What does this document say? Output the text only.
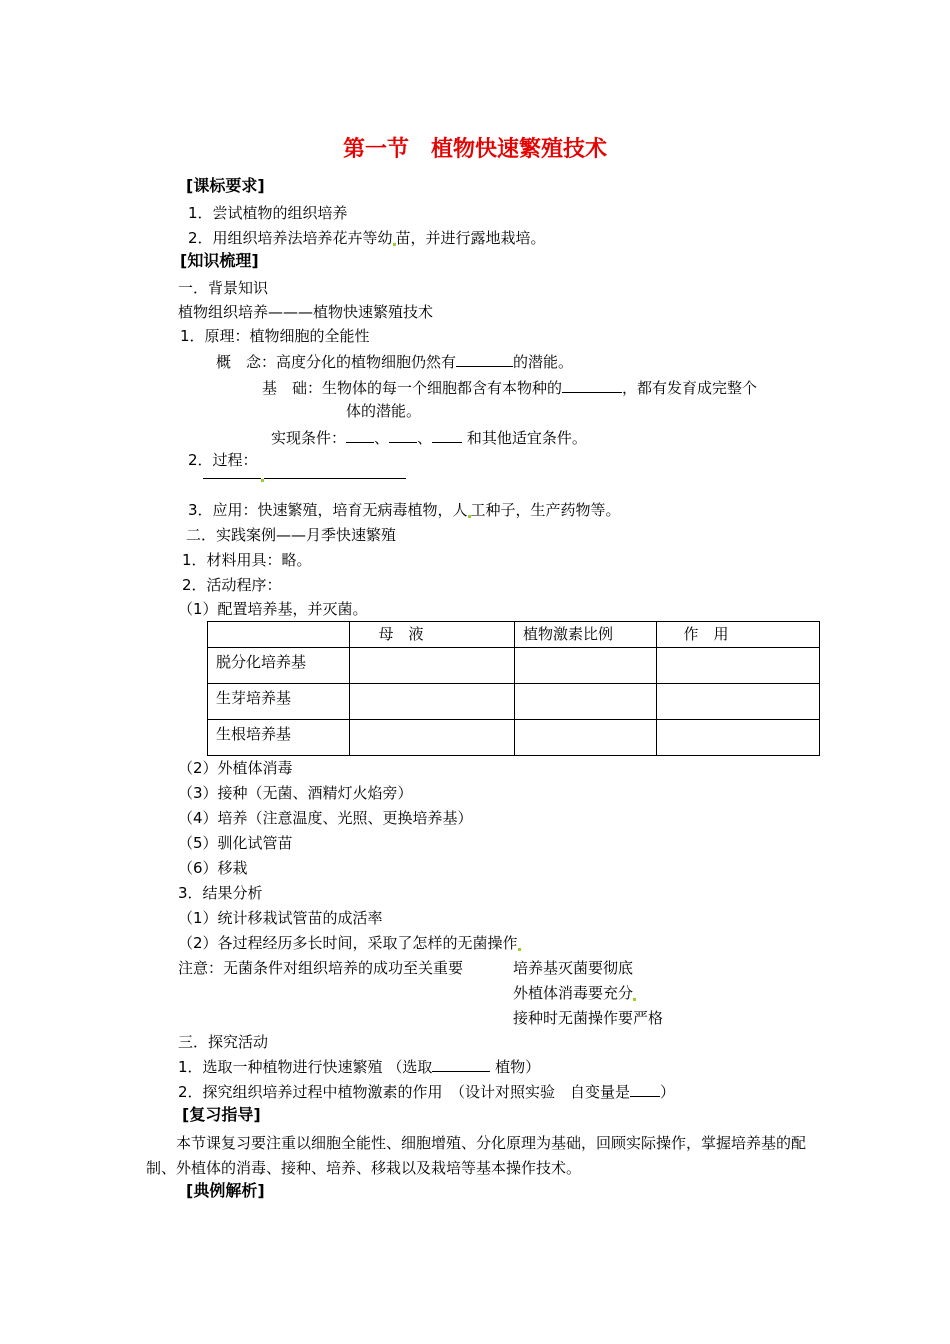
第一节　植物快速繁殖技术
[课标要求]
1．尝试植物的组织培养
2．用组织培养法培养花卉等幼 苗，并进行露地栽培。
[知识梳理]
一．背景知识
植物组织培养———植物快速繁殖技术
1．原理：植物细胞的全能性
概　念：高度分化的植物细胞仍然有	的潜能。
基　础：生物体的每一个细胞都含有本物种的	，都有发育成完整个
体的潜能。
实现条件： 、 、 和其他适宜条件。
2．过程：
3．应用：快速繁殖，培育无病毒植物，人 工种子，生产药物等。
二．实践案例——月季快速繁殖
1．材料用具：略。
2．活动程序：
（1）配置培养基，并灭菌。
	母　液	植物激素比例	作　用
脱分化培养基			
生芽培养基			
生根培养基			
（2）外植体消毒
（3）接种（无菌、酒精灯火焰旁）
（4）培养（注意温度、光照、更换培养基）
（5）驯化试管苗
（6）移栽
3．结果分析
（1）统计移栽试管苗的成活率
（2）各过程经历多长时间，采取了怎样的无菌操作
注意：无菌条件对组织培养的成功至关重要	培养基灭菌要彻底
外植体消毒要充分
接种时无菌操作要严格
三．探究活动
1．选取一种植物进行快速繁殖 （选取	植物）
2．探究组织培养过程中植物激素的作用　（设计对照实验　自变量是 ）
[复习指导]
本节课复习要注重以细胞全能性、细胞增殖、分化原理为基础，回顾实际操作，掌握培养基的配制、外植体的消毒、接种、培养、移栽以及栽培等基本操作技术。
[典例解析]
